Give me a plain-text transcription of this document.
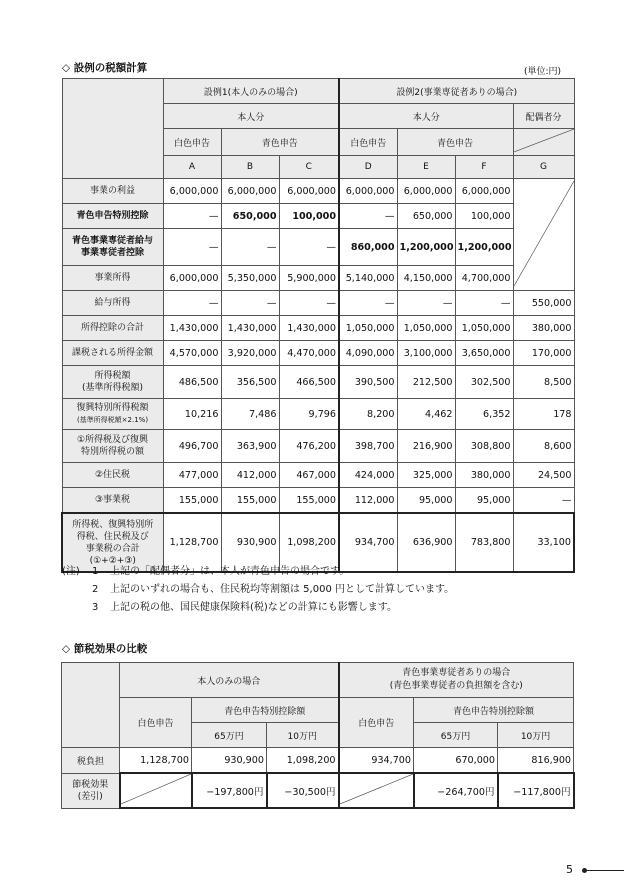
◇ 設例の税額計算	(単位:円)
	設例1(本人のみの場合)			設例2(事業専従者ありの場合)			
	本人分			本人分			配偶者分
	白色申告	青色申告		白色申告	青色申告	
	A	B	C	D	E	F	G
事業の利益	6,000,000	6,000,000	6,000,000	6,000,000	6,000,000	6,000,000	
青色申告特別控除	—	650,000	100,000	—	650,000	100,000	
青色事業専従者給与
事業専従者控除	—	—	—	860,000	1,200,000	1,200,000	
事業所得	6,000,000	5,350,000	5,900,000	5,140,000	4,150,000	4,700,000	
給与所得	—	—	—	—	—	—	550,000
所得控除の合計	1,430,000	1,430,000	1,430,000	1,050,000	1,050,000	1,050,000	380,000
課税される所得金額	4,570,000	3,920,000	4,470,000	4,090,000	3,100,000	3,650,000	170,000
所得税額
(基準所得税額)	486,500	356,500	466,500	390,500	212,500	302,500	8,500
復興特別所得税額
(基準所得税額×2.1%)	10,216	7,486	9,796	8,200	4,462	6,352	178
①所得税及び復興
特別所得税の額	496,700	363,900	476,200	398,700	216,900	308,800	8,600
②住民税	477,000	412,000	467,000	424,000	325,000	380,000	24,500
③事業税	155,000	155,000	155,000	112,000	95,000	95,000	—
所得税、復興特別所
得税、住民税及び
事業税の合計
(①+②+③)	1,128,700	930,900	1,098,200	934,700	636,900	783,800	33,100
(注)	1	上記の「配偶者分」は、本人が青色申告の場合です。
2	上記のいずれの場合も、住民税均等割額は 5,000 円として計算しています。
3	上記の税の他、国民健康保険料(税)などの計算にも影響します。
◇ 節税効果の比較
	本人のみの場合			青色事業専従者ありの場合
(青色事業専従者の負担額を含む)		

	白色申告	青色申告特別控除額		白色申告	青色申告特別控除額	
		65万円	10万円		65万円	10万円
税負担	1,128,700	930,900	1,098,200	934,700	670,000	816,900
節税効果
(差引)		−197,800円	−30,500円		−264,700円	−117,800円
5
